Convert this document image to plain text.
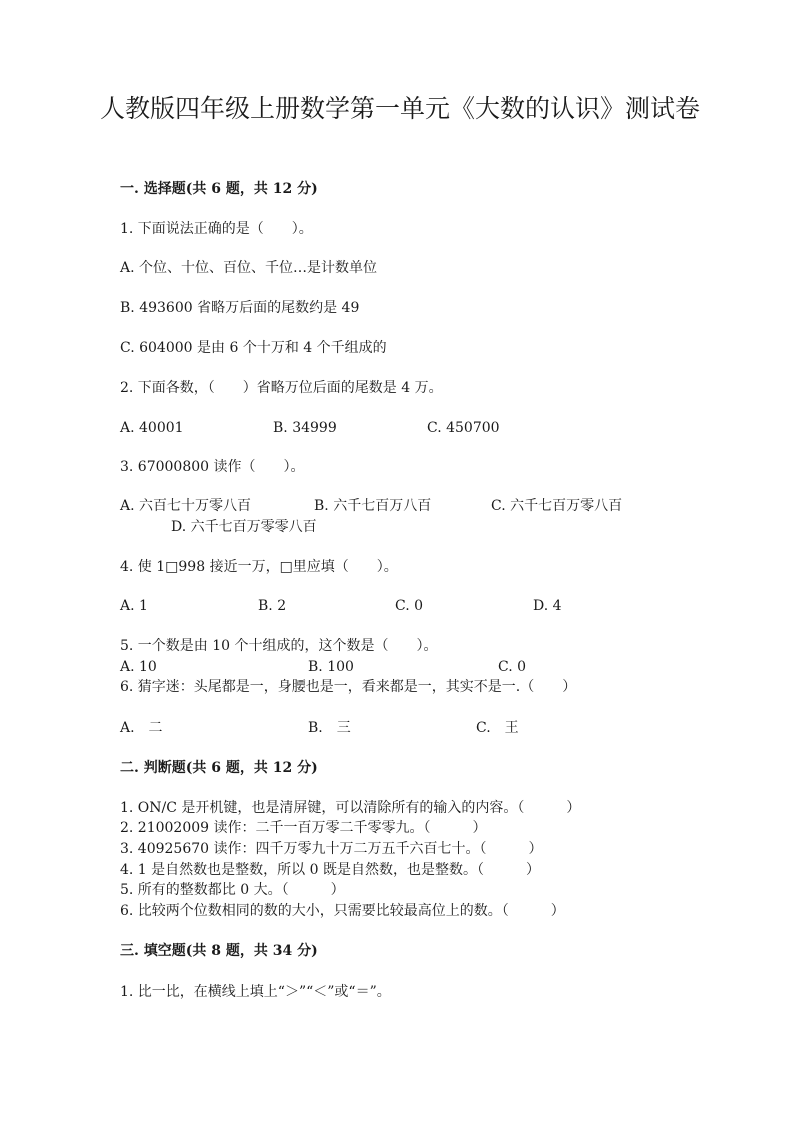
人教版四年级上册数学第一单元《大数的认识》测试卷
一. 选择题(共 6 题，共 12 分)
1. 下面说法正确的是（　　）。
A. 个位、十位、百位、千位…是计数单位
B. 493600 省略万后面的尾数约是 49
C. 604000 是由 6 个十万和 4 个千组成的
2. 下面各数，（　　）省略万位后面的尾数是 4 万。
A. 40001	B. 34999	C. 450700
3. 67000800 读作（　　）。
A. 六百七十万零八百	B. 六千七百万八百	C. 六千七百万零八百
D. 六千七百万零零八百
4. 使 1□998 接近一万，□里应填（　　）。
A. 1	B. 2	C. 0	D. 4
5. 一个数是由 10 个十组成的，这个数是（　　）。
A. 10	B. 100	C. 0
6. 猜字迷：头尾都是一，身腰也是一，看来都是一，其实不是一.（　　）
A.　二	B.　三	C.　王
二. 判断题(共 6 题，共 12 分)
1. ON/C 是开机键，也是清屏键，可以清除所有的输入的内容。（　　　）
2. 21002009 读作：二千一百万零二千零零九。（　　　）
3. 40925670 读作：四千万零九十万二万五千六百七十。（　　　）
4. 1 是自然数也是整数，所以 0 既是自然数，也是整数。（　　　）
5. 所有的整数都比 0 大。（　　　）
6. 比较两个位数相同的数的大小，只需要比较最高位上的数。（　　　）
三. 填空题(共 8 题，共 34 分)
1. 比一比，在横线上填上“＞”“＜”或“＝”。
